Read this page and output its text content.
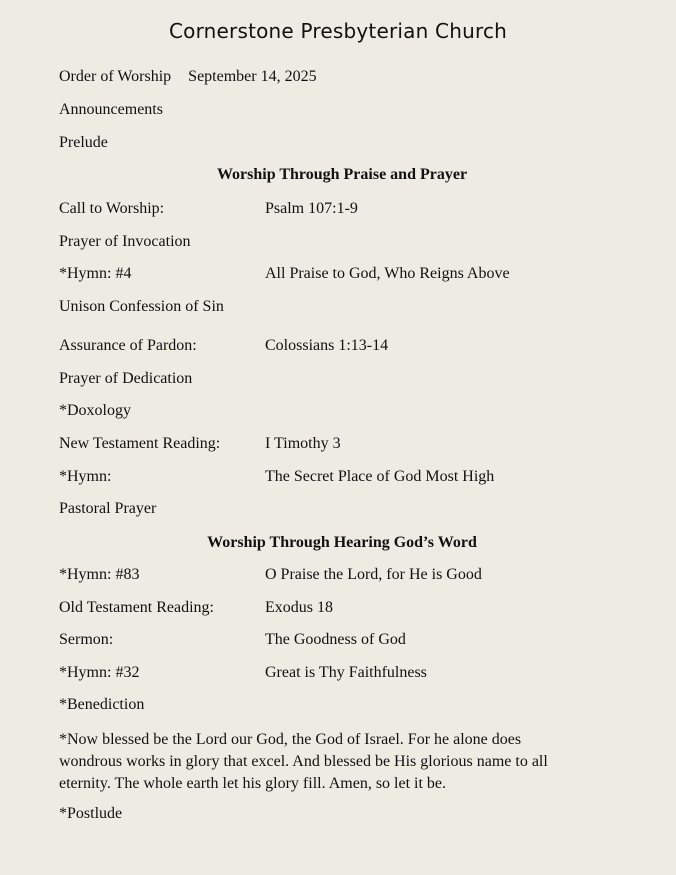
Cornerstone Presbyterian Church
Order of Worship September 14, 2025
Announcements
Prelude
Worship Through Praise and Prayer
Call to Worship:	Psalm 107:1-9
Prayer of Invocation
*Hymn: #4	All Praise to God, Who Reigns Above
Unison Confession of Sin
Assurance of Pardon:	Colossians 1:13-14
Prayer of Dedication
*Doxology
New Testament Reading:	I Timothy 3
*Hymn:	The Secret Place of God Most High
Pastoral Prayer
Worship Through Hearing God’s Word
*Hymn: #83	O Praise the Lord, for He is Good
Old Testament Reading:	Exodus 18
Sermon:	The Goodness of God
*Hymn: #32	Great is Thy Faithfulness
*Benediction
*Now blessed be the Lord our God, the God of Israel. For he alone does
wondrous works in glory that excel. And blessed be His glorious name to all
eternity. The whole earth let his glory fill. Amen, so let it be.
*Postlude
